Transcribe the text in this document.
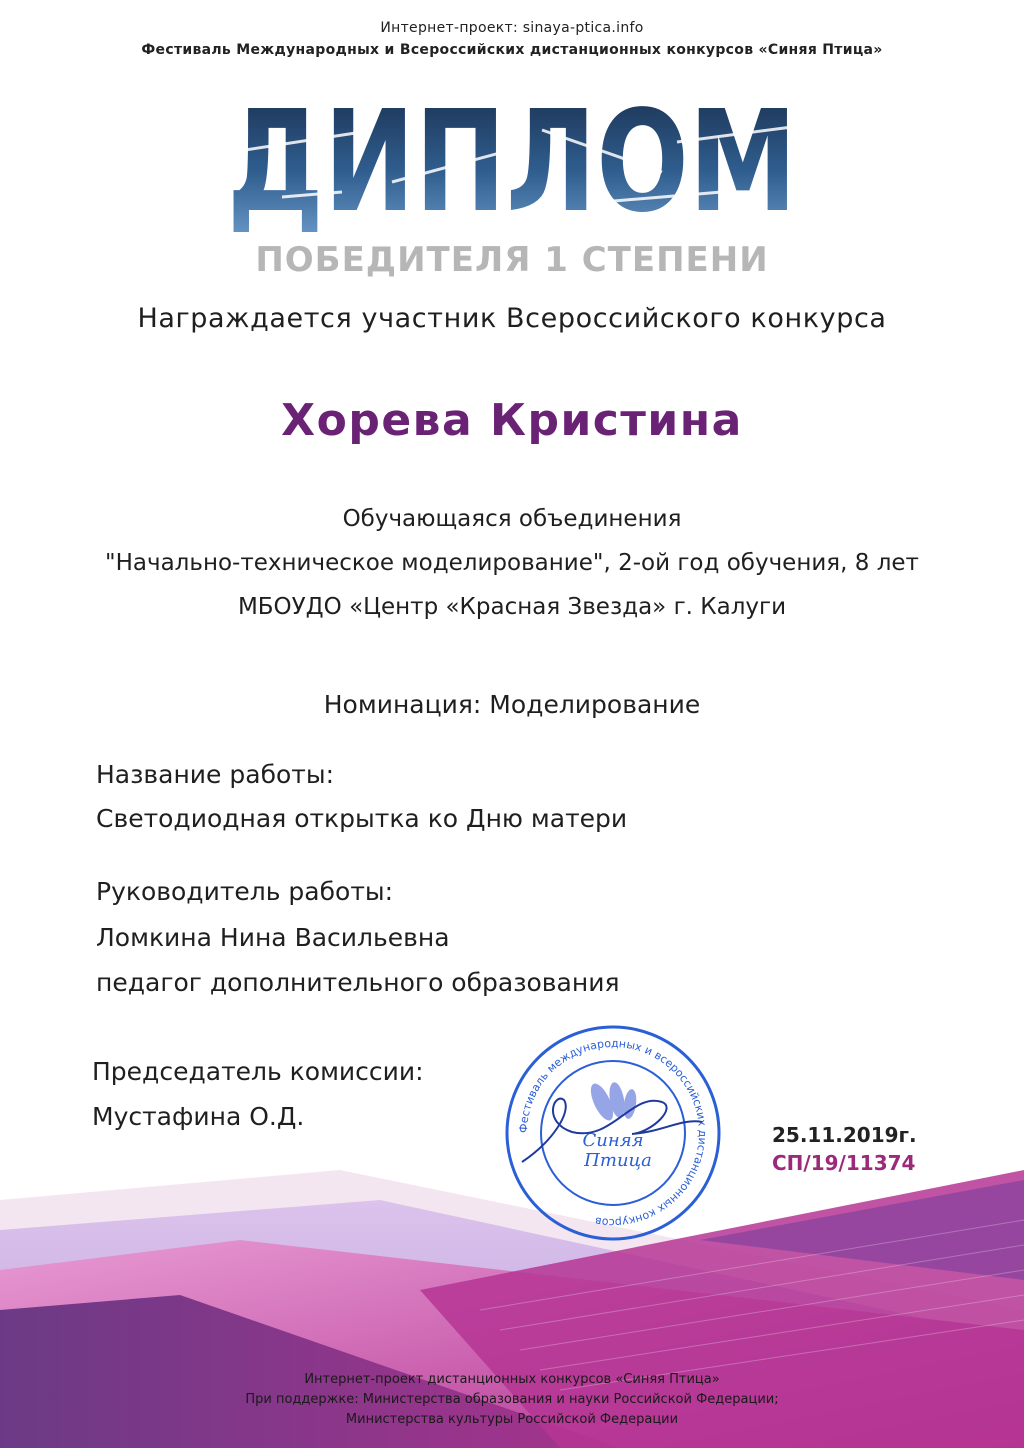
Интернет-проект: sinaya-ptica.info
Фестиваль Международных и Всероссийских дистанционных конкурсов «Синяя Птица»
ДИПЛОМ
ПОБЕДИТЕЛЯ 1 СТЕПЕНИ
Награждается участник Всероссийского конкурса
Хорева Кристина
Обучающаяся объединения
"Начально-техническое моделирование", 2-ой год обучения, 8 лет
МБОУДО «Центр «Красная Звезда» г. Калуги
Номинация: Моделирование
Название работы:
Светодиодная открытка ко Дню матери
Руководитель работы:
Ломкина Нина Васильевна
педагог дополнительного образования
Председатель комиссии:
Мустафина О.Д.	Фестиваль международных и всероссийских дистанционных конкурсов
Синяя
Птица
25.11.2019г.
СП/19/11374
Интернет-проект дистанционных конкурсов «Синяя Птица»
При поддержке: Министерства образования и науки Российской Федерации;
Министерства культуры Российской Федерации
